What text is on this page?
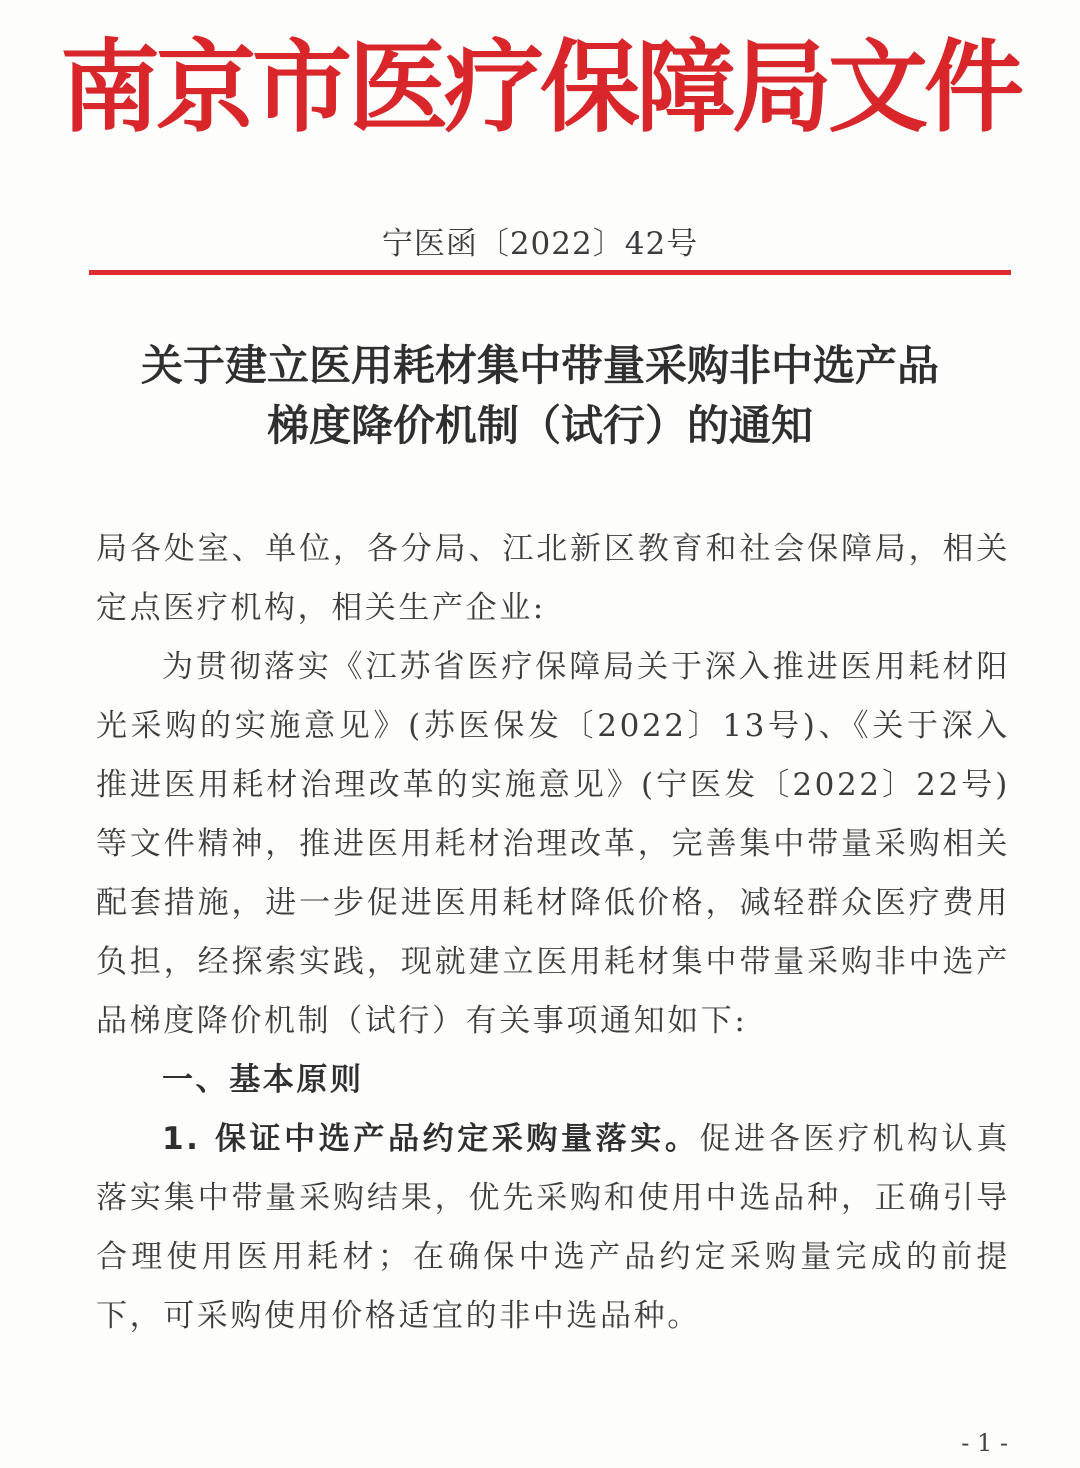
南京市医疗保障局文件
宁医函〔2022〕42号
关于建立医用耗材集中带量采购非中选产品
梯度降价机制（试行）的通知

局各处室、单位，各分局、江北新区教育和社会保障局，相关定点医疗机构，相关生产企业:

为贯彻落实《江苏省医疗保障局关于深入推进医用耗材阳光采购的实施意见》(苏医保发〔2022〕13号)、《关于深入推进医用耗材治理改革的实施意见》(宁医发〔2022〕22号)等文件精神，推进医用耗材治理改革，完善集中带量采购相关配套措施，进一步促进医用耗材降低价格，减轻群众医疗费用负担，经探索实践，现就建立医用耗材集中带量采购非中选产品梯度降价机制（试行）有关事项通知如下:

一、基本原则

1. 保证中选产品约定采购量落实。促进各医疗机构认真落实集中带量采购结果，优先采购和使用中选品种，正确引导合理使用医用耗材；在确保中选产品约定采购量完成的前提下，可采购使用价格适宜的非中选品种。

- 1 -
